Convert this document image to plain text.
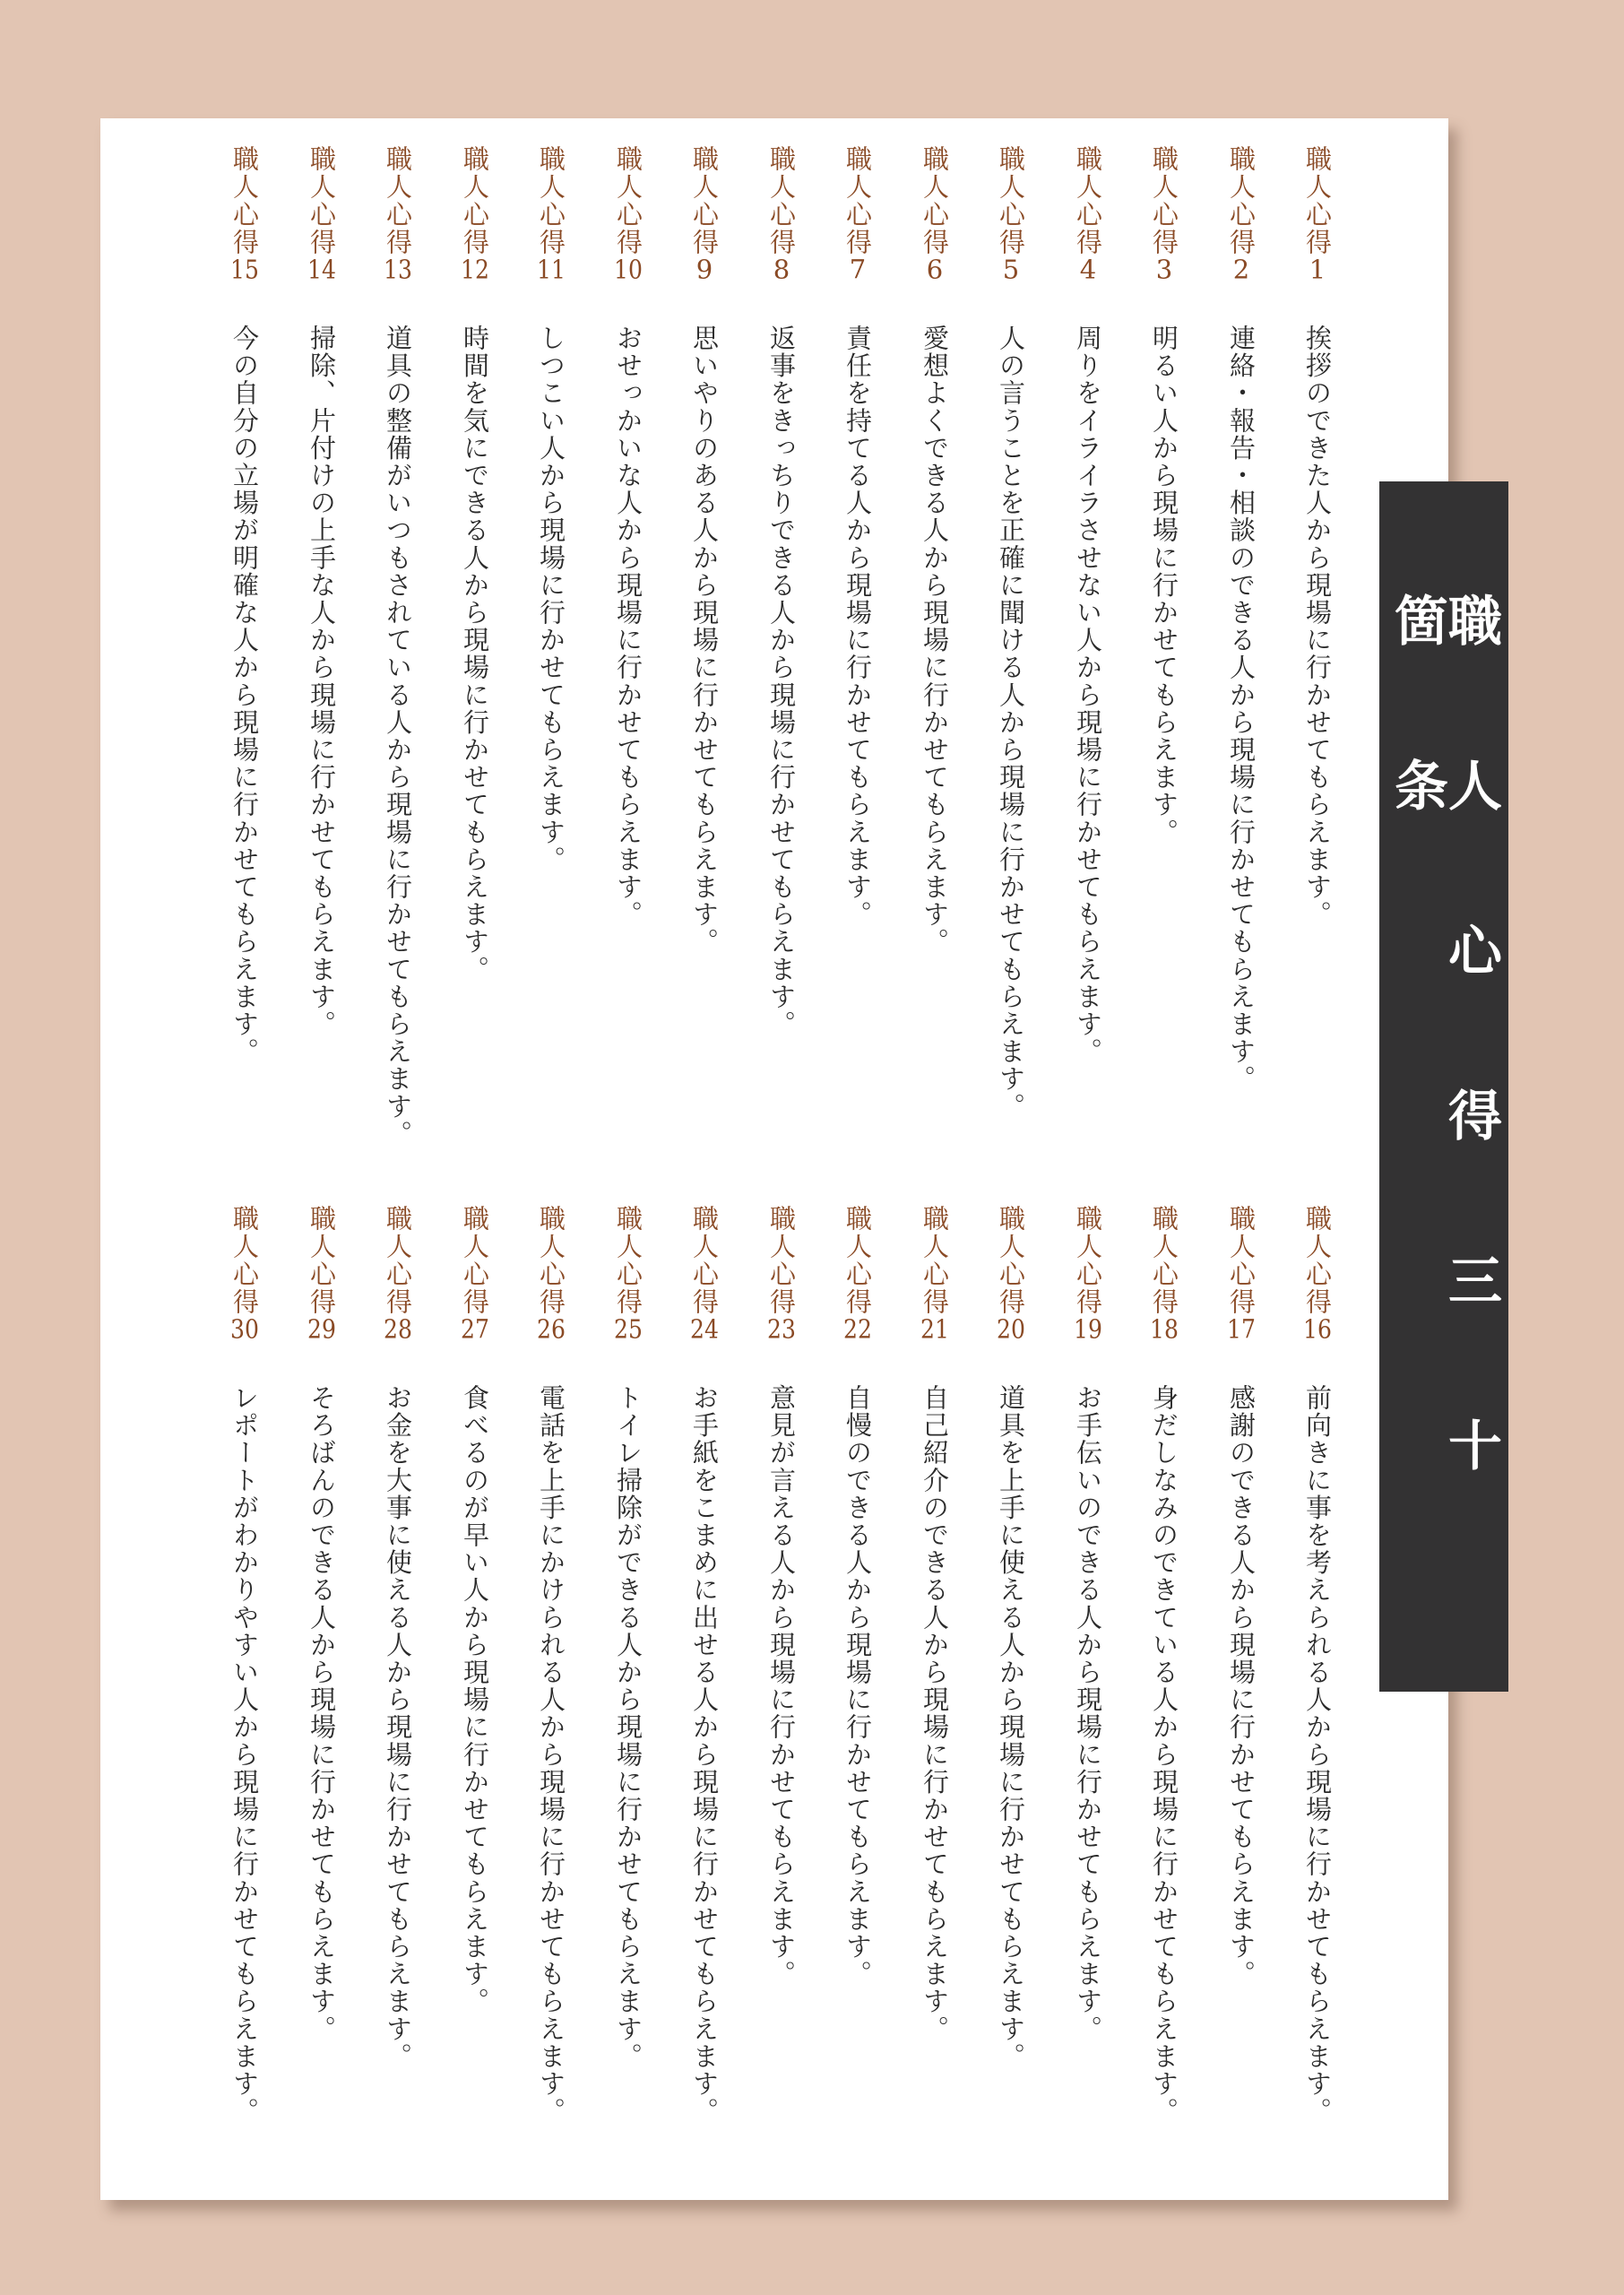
職人心得1
挨拶のできた人から現場に行かせてもらえます。
職人心得2
連絡・報告・相談のできる人から現場に行かせてもらえます。
職人心得3
明るい人から現場に行かせてもらえます。
職人心得4
周りをイライラさせない人から現場に行かせてもらえます。
職人心得5
人の言うことを正確に聞ける人から現場に行かせてもらえます。
職人心得6
愛想よくできる人から現場に行かせてもらえます。
職人心得7
責任を持てる人から現場に行かせてもらえます。
職人心得8
返事をきっちりできる人から現場に行かせてもらえます。
職人心得9
思いやりのある人から現場に行かせてもらえます。
職人心得10
おせっかいな人から現場に行かせてもらえます。
職人心得11
しつこい人から現場に行かせてもらえます。
職人心得12
時間を気にできる人から現場に行かせてもらえます。
職人心得13
道具の整備がいつもされている人から現場に行かせてもらえます。
職人心得14
掃除、片付けの上手な人から現場に行かせてもらえます。
職人心得15
今の自分の立場が明確な人から現場に行かせてもらえます。
職人心得16
前向きに事を考えられる人から現場に行かせてもらえます。
職人心得17
感謝のできる人から現場に行かせてもらえます。
職人心得18
身だしなみのできている人から現場に行かせてもらえます。
職人心得19
お手伝いのできる人から現場に行かせてもらえます。
職人心得20
道具を上手に使える人から現場に行かせてもらえます。
職人心得21
自己紹介のできる人から現場に行かせてもらえます。
職人心得22
自慢のできる人から現場に行かせてもらえます。
職人心得23
意見が言える人から現場に行かせてもらえます。
職人心得24
お手紙をこまめに出せる人から現場に行かせてもらえます。
職人心得25
トイレ掃除ができる人から現場に行かせてもらえます。
職人心得26
電話を上手にかけられる人から現場に行かせてもらえます。
職人心得27
食べるのが早い人から現場に行かせてもらえます。
職人心得28
お金を大事に使える人から現場に行かせてもらえます。
職人心得29
そろばんのできる人から現場に行かせてもらえます。
職人心得30
レポートがわかりやすい人から現場に行かせてもらえます。
職人心得三十箇条
